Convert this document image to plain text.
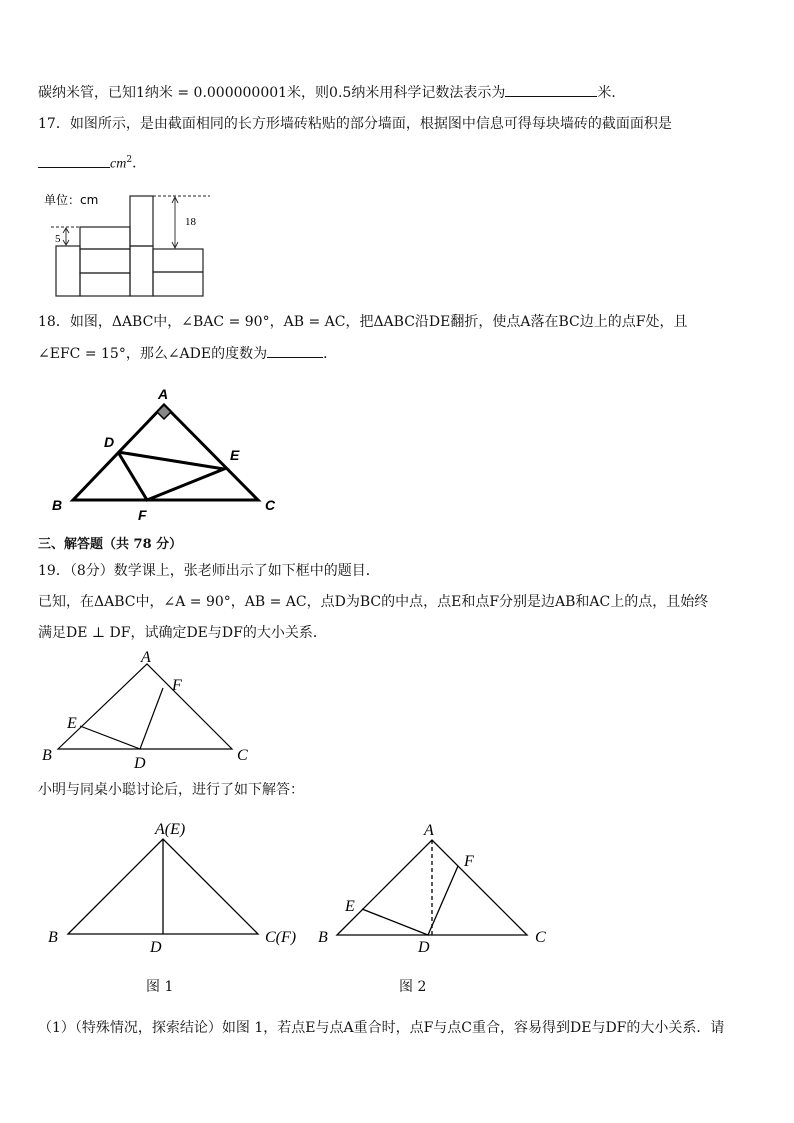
碳纳米管，已知1纳米 = 0.000000001米，则0.5纳米用科学记数法表示为	米．
17．如图所示，是由截面相同的长方形墙砖粘贴的部分墙面，根据图中信息可得每块墙砖的截面面积是
$cm^2$．
单位：cm
5
18
18．如图，ΔABC中，∠BAC = 90°，AB = AC，把ΔABC沿DE翻折，使点A落在BC边上的点F处，且
∠EFC = 15°，那么∠ADE的度数为	．
A
D
E
B	C
F
三、解答题（共 78 分）
19．（8分）数学课上，张老师出示了如下框中的题目．
已知，在ΔABC中，∠A = 90°，AB = AC，点D为BC的中点，点E和点F分别是边AB和AC上的点，且始终
满足DE ⊥ DF，试确定DE与DF的大小关系．
A
F
E
B	D	C
小明与同桌小聪讨论后，进行了如下解答：
A(E)
B
D
C(F)
A
F
E
B
D
C
图 1	图 2
（1）（特殊情况，探索结论）如图 1，若点E与点A重合时，点F与点C重合，容易得到DE与DF的大小关系．请
